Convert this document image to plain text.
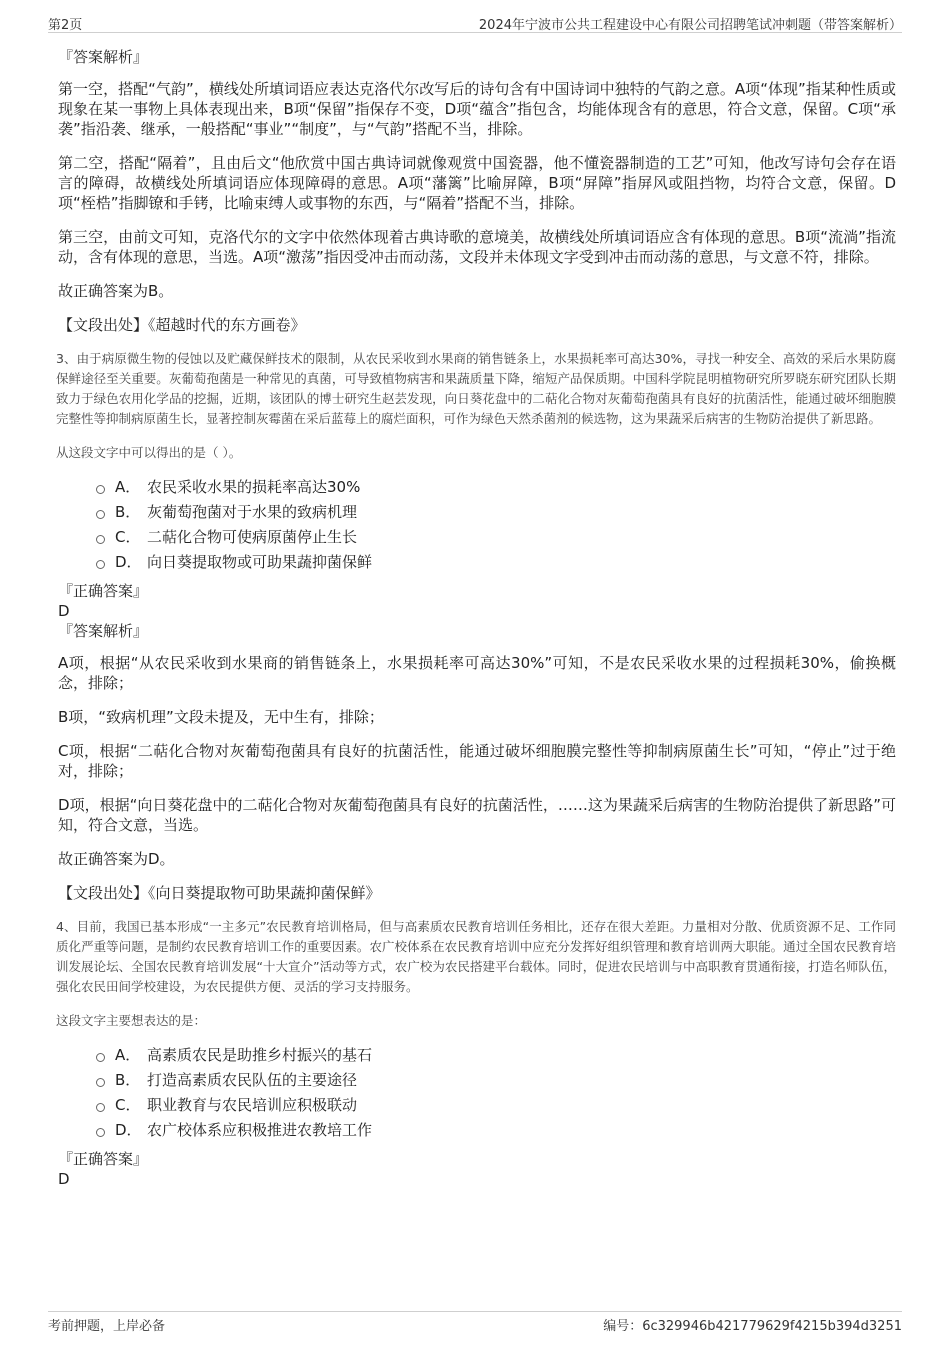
第2页	2024年宁波市公共工程建设中心有限公司招聘笔试冲刺题（带答案解析）
『答案解析』

第一空，搭配“气韵”，横线处所填词语应表达克洛代尔改写后的诗句含有中国诗词中独特的气韵之意。A项“体现”指某种性质或现象在某一事物上具体表现出来，B项“保留”指保存不变，D项“蕴含”指包含，均能体现含有的意思，符合文意，保留。C项“承袭”指沿袭、继承，一般搭配“事业”“制度”，与“气韵”搭配不当，排除。

第二空，搭配“隔着”，且由后文“他欣赏中国古典诗词就像观赏中国瓷器，他不懂瓷器制造的工艺”可知，他改写诗句会存在语言的障碍，故横线处所填词语应体现障碍的意思。A项“藩篱”比喻屏障，B项“屏障”指屏风或阻挡物，均符合文意，保留。D项“桎梏”指脚镣和手铐，比喻束缚人或事物的东西，与“隔着”搭配不当，排除。

第三空，由前文可知，克洛代尔的文字中依然体现着古典诗歌的意境美，故横线处所填词语应含有体现的意思。B项“流淌”指流动，含有体现的意思，当选。A项“激荡”指因受冲击而动荡，文段并未体现文字受到冲击而动荡的意思，与文意不符，排除。

故正确答案为B。

【文段出处】《超越时代的东方画卷》

3、由于病原微生物的侵蚀以及贮藏保鲜技术的限制，从农民采收到水果商的销售链条上，水果损耗率可高达30%，寻找一种安全、高效的采后水果防腐保鲜途径至关重要。灰葡萄孢菌是一种常见的真菌，可导致植物病害和果蔬质量下降，缩短产品保质期。中国科学院昆明植物研究所罗晓东研究团队长期致力于绿色农用化学品的挖掘，近期，该团队的博士研究生赵芸发现，向日葵花盘中的二萜化合物对灰葡萄孢菌具有良好的抗菌活性，能通过破坏细胞膜完整性等抑制病原菌生长，显著控制灰霉菌在采后蓝莓上的腐烂面积，可作为绿色天然杀菌剂的候选物，这为果蔬采后病害的生物防治提供了新思路。

从这段文字中可以得出的是（ ）。

A． 农民采收水果的损耗率高达30%
B． 灰葡萄孢菌对于水果的致病机理
C． 二萜化合物可使病原菌停止生长
D． 向日葵提取物或可助果蔬抑菌保鲜
『正确答案』
D
『答案解析』

A项，根据“从农民采收到水果商的销售链条上，水果损耗率可高达30%”可知，不是农民采收水果的过程损耗30%，偷换概念，排除；

B项，“致病机理”文段未提及，无中生有，排除；

C项，根据“二萜化合物对灰葡萄孢菌具有良好的抗菌活性，能通过破坏细胞膜完整性等抑制病原菌生长”可知，“停止”过于绝对，排除；

D项，根据“向日葵花盘中的二萜化合物对灰葡萄孢菌具有良好的抗菌活性，……这为果蔬采后病害的生物防治提供了新思路”可知，符合文意，当选。

故正确答案为D。

【文段出处】《向日葵提取物可助果蔬抑菌保鲜》

4、目前，我国已基本形成“一主多元”农民教育培训格局，但与高素质农民教育培训任务相比，还存在很大差距。力量相对分散、优质资源不足、工作同质化严重等问题，是制约农民教育培训工作的重要因素。农广校体系在农民教育培训中应充分发挥好组织管理和教育培训两大职能。通过全国农民教育培训发展论坛、全国农民教育培训发展“十大宣介”活动等方式，农广校为农民搭建平台载体。同时，促进农民培训与中高职教育贯通衔接，打造名师队伍，强化农民田间学校建设，为农民提供方便、灵活的学习支持服务。

这段文字主要想表达的是：

A． 高素质农民是助推乡村振兴的基石
B． 打造高素质农民队伍的主要途径
C． 职业教育与农民培训应积极联动
D． 农广校体系应积极推进农教培工作
『正确答案』
D
考前押题，上岸必备	编号：6c329946b421779629f4215b394d3251
